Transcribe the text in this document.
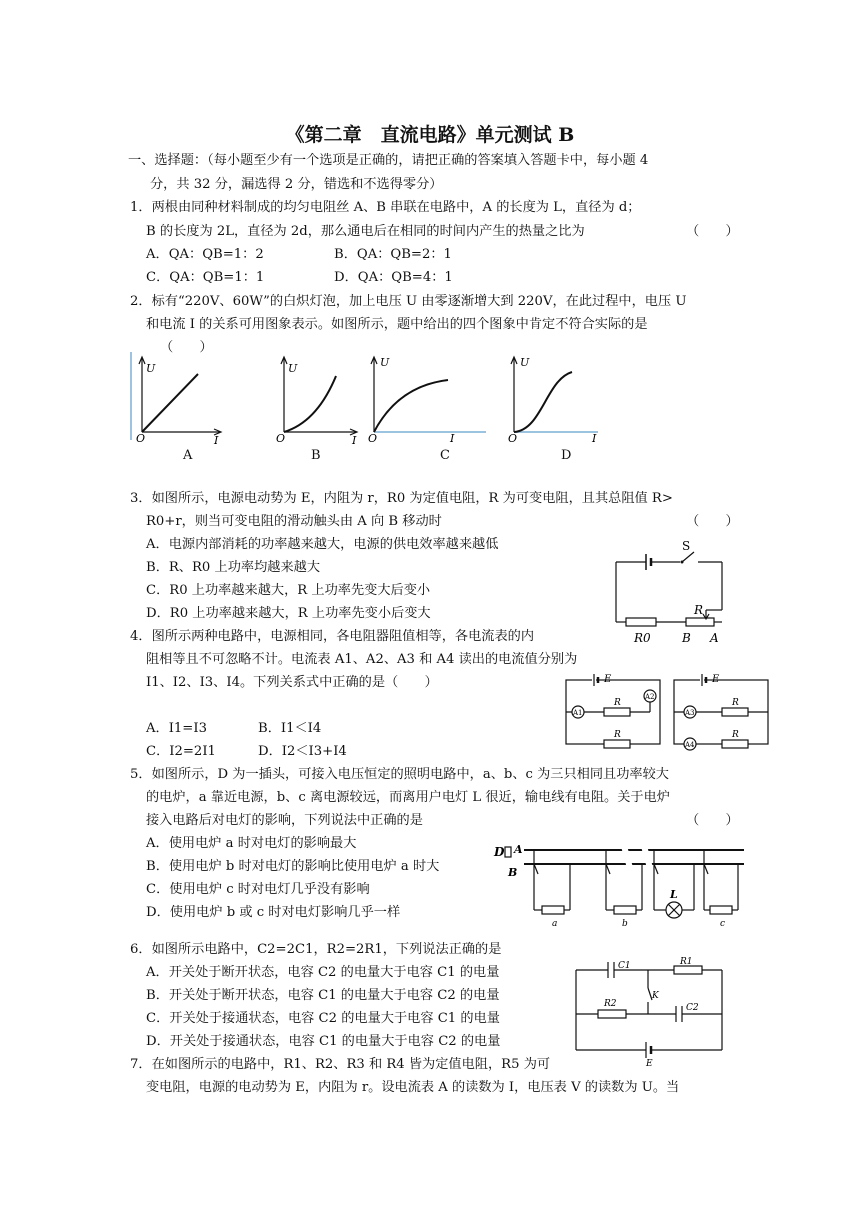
《第二章　直流电路》单元测试 B
一、选择题：（每小题至少有一个选项是正确的，请把正确的答案填入答题卡中，每小题 4
分，共 32 分，漏选得 2 分，错选和不选得零分）
1．两根由同种材料制成的均匀电阻丝 A、B 串联在电路中，A 的长度为 L，直径为 d；
B 的长度为 2L，直径为 2d，那么通电后在相同的时间内产生的热量之比为	（　　）
A．QA：QB=1：2	B．QA：QB=2：1
C．QA：QB=1：1	D．QA：QB=4：1
2．标有“220V、60W”的白炽灯泡，加上电压 U 由零逐渐增大到 220V，在此过程中，电压 U
和电流 I 的关系可用图象表示。如图所示，题中给出的四个图象中肯定不符合实际的是
（　　）
U
O	I
U
O	I
U
O	I
U
O	I
A	B	C	D
3．如图所示，电源电动势为 E，内阻为 r，R0 为定值电阻，R 为可变电阻，且其总阻值 R>
R0+r，则当可变电阻的滑动触头由 A 向 B 移动时	（　　）
A．电源内部消耗的功率越来越大，电源的供电效率越来越低
B．R、R0 上功率均越来越大
C．R0 上功率越来越大，R 上功率先变大后变小
D．R0 上功率越来越大，R 上功率先变小后变大
S
R
R0	B A
4．图所示两种电路中，电源相同，各电阻器阻值相等，各电流表的内
阻相等且不可忽略不计。电流表 A1、A2、A3 和 A4 读出的电流值分别为
I1、I2、I3、I4。下列关系式中正确的是（　　）
A．I1=I3	B．I1＜I4
C．I2=2I1	D．I2＜I3+I4
E
A1
R
A2
R
E
A3
R
A4
R
5．如图所示，D 为一插头，可接入电压恒定的照明电路中，a、b、c 为三只相同且功率较大
的电炉，a 靠近电源，b、c 离电源较远，而离用户电灯 L 很近，输电线有电阻。关于电炉
接入电路后对电灯的影响，下列说法中正确的是	（　　）
A．使用电炉 a 时对电灯的影响最大
B．使用电炉 b 时对电灯的影响比使用电炉 a 时大
C．使用电炉 c 时对电灯几乎没有影响
D．使用电炉 b 或 c 时对电灯影响几乎一样
D A
B
a	b
L
c
6．如图所示电路中，C2=2C1，R2=2R1，下列说法正确的是
A．开关处于断开状态，电容 C2 的电量大于电容 C1 的电量
B．开关处于断开状态，电容 C1 的电量大于电容 C2 的电量
C．开关处于接通状态，电容 C2 的电量大于电容 C1 的电量
D．开关处于接通状态，电容 C1 的电量大于电容 C2 的电量
C1	R1
R2	C2
K
E
7．在如图所示的电路中，R1、R2、R3 和 R4 皆为定值电阻，R5 为可
变电阻，电源的电动势为 E，内阻为 r。设电流表 A 的读数为 I，电压表 V 的读数为 U。当
